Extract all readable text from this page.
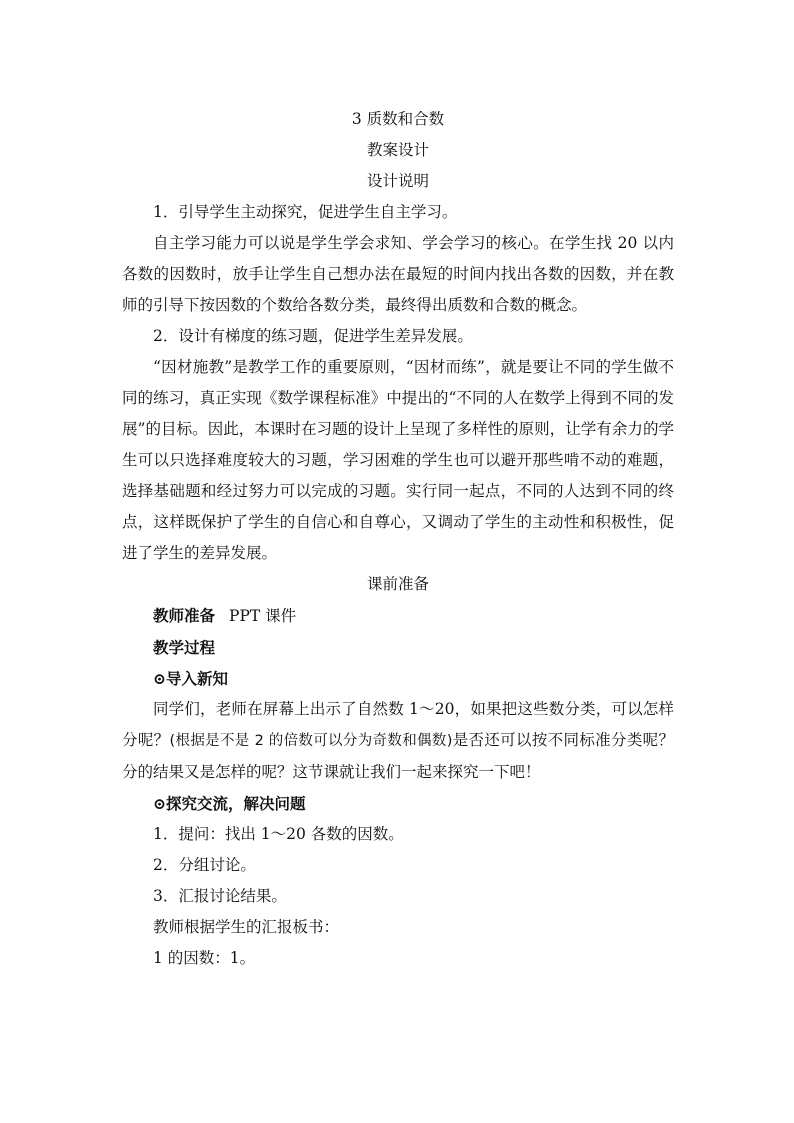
3 质数和合数

教案设计

设计说明

1．引导学生主动探究，促进学生自主学习。

自主学习能力可以说是学生学会求知、学会学习的核心。在学生找 20 以内各数的因数时，放手让学生自己想办法在最短的时间内找出各数的因数，并在教师的引导下按因数的个数给各数分类，最终得出质数和合数的概念。

2．设计有梯度的练习题，促进学生差异发展。

“因材施教”是教学工作的重要原则，“因材而练”，就是要让不同的学生做不同的练习，真正实现《数学课程标准》中提出的“不同的人在数学上得到不同的发展”的目标。因此，本课时在习题的设计上呈现了多样性的原则，让学有余力的学生可以只选择难度较大的习题，学习困难的学生也可以避开那些啃不动的难题，选择基础题和经过努力可以完成的习题。实行同一起点，不同的人达到不同的终点，这样既保护了学生的自信心和自尊心，又调动了学生的主动性和积极性，促进了学生的差异发展。

课前准备

教师准备 PPT 课件

教学过程

⊙导入新知

同学们，老师在屏幕上出示了自然数 1～20，如果把这些数分类，可以怎样分呢？(根据是不是 2 的倍数可以分为奇数和偶数)是否还可以按不同标准分类呢？分的结果又是怎样的呢？这节课就让我们一起来探究一下吧！

⊙探究交流，解决问题

1．提问：找出 1～20 各数的因数。

2．分组讨论。

3．汇报讨论结果。

教师根据学生的汇报板书：

1 的因数：1。
